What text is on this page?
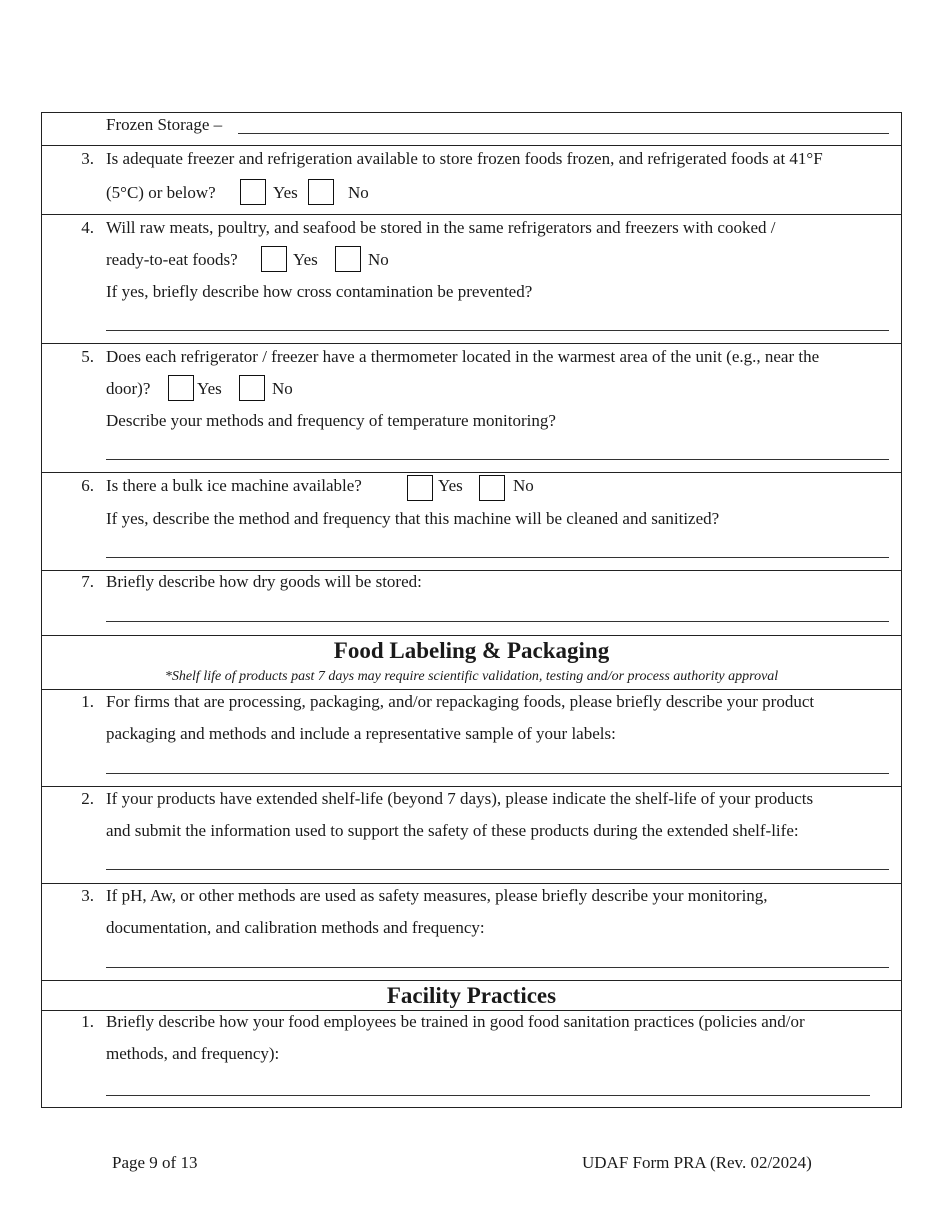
Frozen Storage –
3. Is adequate freezer and refrigeration available to store frozen foods frozen, and refrigerated foods at 41°F
(5°C) or below?	Yes	No
4. Will raw meats, poultry, and seafood be stored in the same refrigerators and freezers with cooked /
ready-to-eat foods?	Yes	No
If yes, briefly describe how cross contamination be prevented?
5. Does each refrigerator / freezer have a thermometer located in the warmest area of the unit (e.g., near the
door)?	Yes	No
Describe your methods and frequency of temperature monitoring?
6. Is there a bulk ice machine available?	Yes	No
If yes, describe the method and frequency that this machine will be cleaned and sanitized?
7. Briefly describe how dry goods will be stored:
Food Labeling & Packaging
*Shelf life of products past 7 days may require scientific validation, testing and/or process authority approval
1. For firms that are processing, packaging, and/or repackaging foods, please briefly describe your product
packaging and methods and include a representative sample of your labels:
2. If your products have extended shelf-life (beyond 7 days), please indicate the shelf-life of your products
and submit the information used to support the safety of these products during the extended shelf-life:
3. If pH, Aw, or other methods are used as safety measures, please briefly describe your monitoring,
documentation, and calibration methods and frequency:
Facility Practices
1. Briefly describe how your food employees be trained in good food sanitation practices (policies and/or
methods, and frequency):
Page 9 of 13	UDAF Form PRA (Rev. 02/2024)
